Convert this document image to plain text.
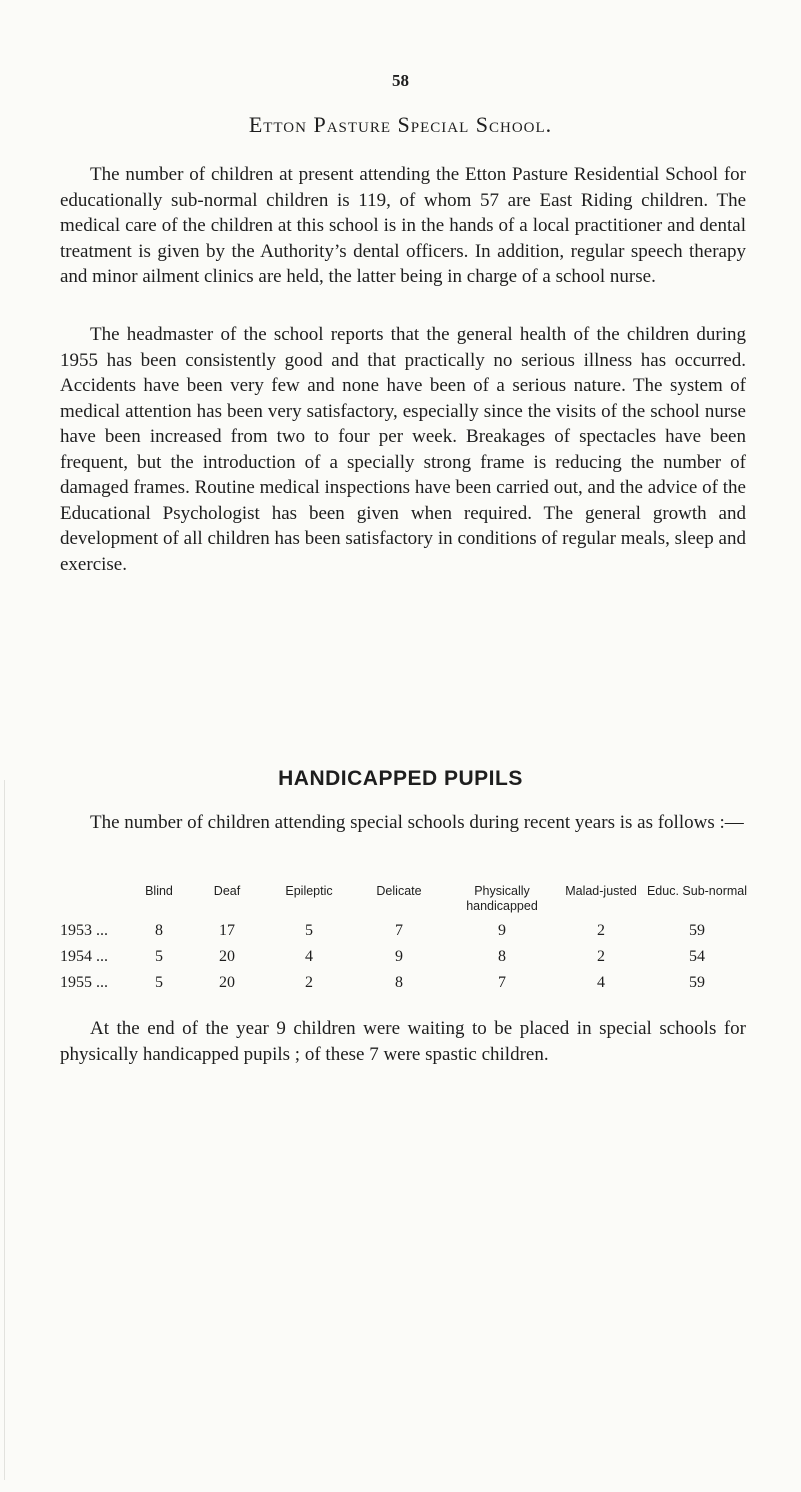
58
Etton Pasture Special School.

The number of children at present attending the Etton Pasture Residential School for educationally sub-normal children is 119, of whom 57 are East Riding children. The medical care of the children at this school is in the hands of a local practitioner and dental treatment is given by the Authority’s dental officers. In addition, regular speech therapy and minor ailment clinics are held, the latter being in charge of a school nurse.

The headmaster of the school reports that the general health of the children during 1955 has been consistently good and that practically no serious illness has occurred. Accidents have been very few and none have been of a serious nature. The system of medical attention has been very satisfactory, especially since the visits of the school nurse have been increased from two to four per week. Breakages of spectacles have been frequent, but the introduction of a specially strong frame is reducing the number of damaged frames. Routine medical inspections have been carried out, and the advice of the Educational Psychologist has been given when required. The general growth and development of all children has been satisfactory in conditions of regular meals, sleep and exercise.

HANDICAPPED PUPILS

The number of children attending special schools during recent years is as follows :—

	Blind	Deaf	Epileptic	Delicate	Physically handicapped	Malad-justed	Educ. Sub-normal
1953 ...	8	17	5	7	9	2	59
1954 ...	5	20	4	9	8	2	54
1955 ...	5	20	2	8	7	4	59

At the end of the year 9 children were waiting to be placed in special schools for physically handicapped pupils ; of these 7 were spastic children.
